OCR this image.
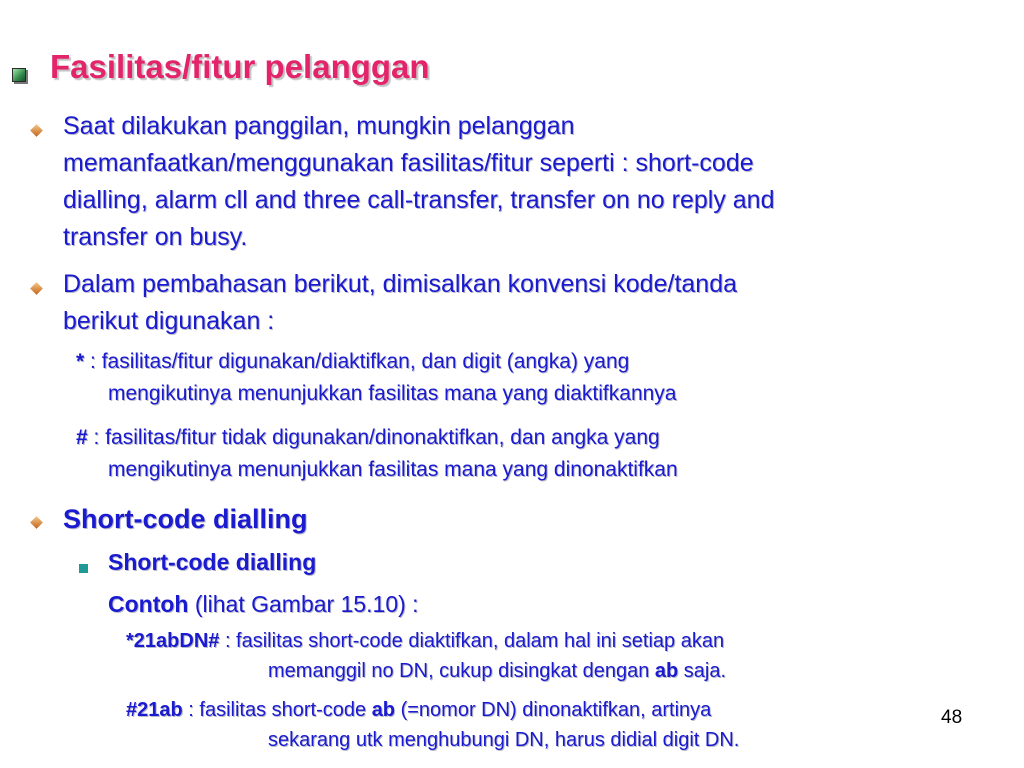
Fasilitas/fitur pelanggan
Saat dilakukan panggilan, mungkin pelanggan
memanfaatkan/menggunakan fasilitas/fitur seperti : short-code
dialling, alarm cll and three call-transfer, transfer on no reply and
transfer on busy.
Dalam pembahasan berikut, dimisalkan konvensi kode/tanda
berikut digunakan :
* : fasilitas/fitur digunakan/diaktifkan, dan digit (angka) yang
mengikutinya menunjukkan fasilitas mana yang diaktifkannya
# : fasilitas/fitur tidak digunakan/dinonaktifkan, dan angka yang
mengikutinya menunjukkan fasilitas mana yang dinonaktifkan
Short-code dialling
Short-code dialling
Contoh (lihat Gambar 15.10) :
*21abDN# : fasilitas short-code diaktifkan, dalam hal ini setiap akan
memanggil no DN, cukup disingkat dengan ab saja.
#21ab : fasilitas short-code ab (=nomor DN) dinonaktifkan, artinya
sekarang utk menghubungi DN, harus didial digit DN.
48
